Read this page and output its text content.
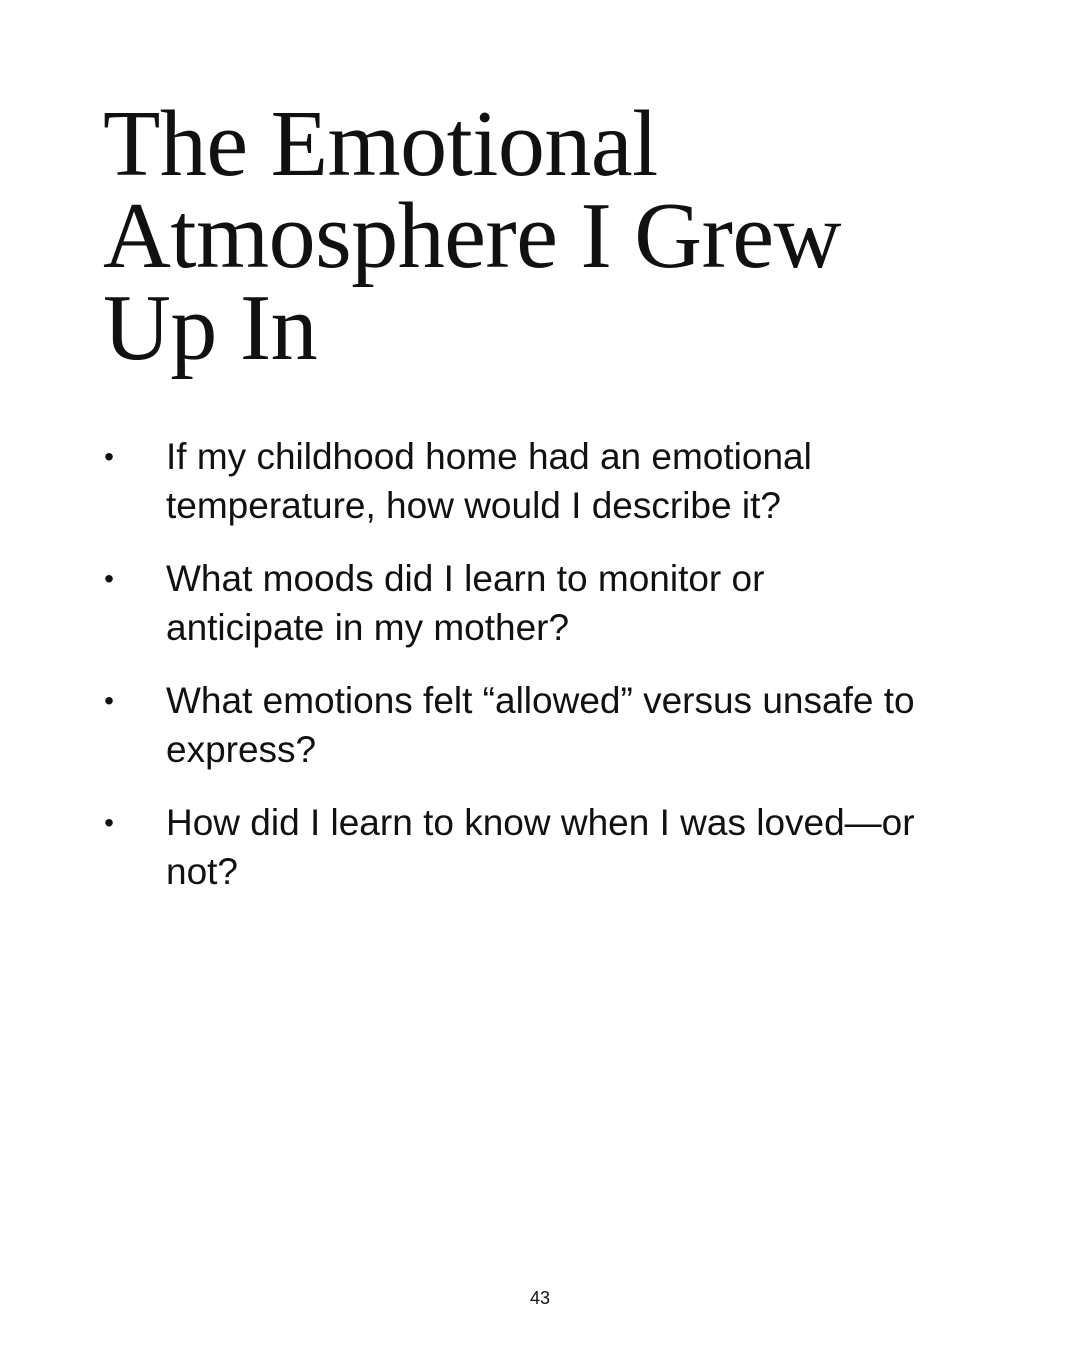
The Emotional
Atmosphere I Grew
Up In
• If my childhood home had an emotional
temperature, how would I describe it?
• What moods did I learn to monitor or
anticipate in my mother?
• What emotions felt “allowed” versus unsafe to
express?
• How did I learn to know when I was loved—or
not?
43
